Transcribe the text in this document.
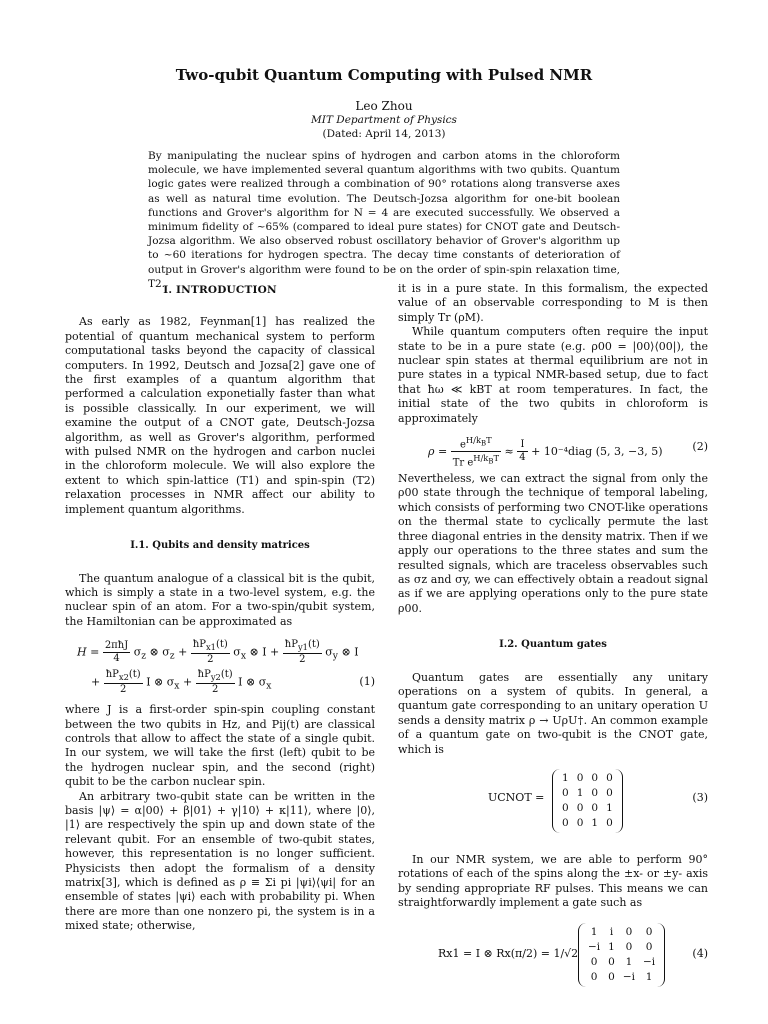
Two-qubit Quantum Computing with Pulsed NMR
Leo Zhou
MIT Department of Physics
(Dated: April 14, 2013)
By manipulating the nuclear spins of hydrogen and carbon atoms in the chloroform molecule, we have implemented several quantum algorithms with two qubits. Quantum logic gates were realized through a combination of 90° rotations along transverse axes as well as natural time evolution. The Deutsch-Jozsa algorithm for one-bit boolean functions and Grover's algorithm for N = 4 are executed successfully. We observed a minimum fidelity of ~65% (compared to ideal pure states) for CNOT gate and Deutsch-Jozsa algorithm. We also observed robust oscillatory behavior of Grover's algorithm up to ~60 iterations for hydrogen spectra. The decay time constants of deterioration of output in Grover's algorithm were found to be on the order of spin-spin relaxation time, T2.
I. INTRODUCTION

As early as 1982, Feynman[1] has realized the potential of quantum mechanical system to perform computational tasks beyond the capacity of classical computers. In 1992, Deutsch and Jozsa[2] gave one of the first examples of a quantum algorithm that performed a calculation exponetially faster than what is possible classically. In our experiment, we will examine the output of a CNOT gate, Deutsch-Jozsa algorithm, as well as Grover's algorithm, performed with pulsed NMR on the hydrogen and carbon nuclei in the chloroform molecule. We will also explore the extent to which spin-lattice (T1) and spin-spin (T2) relaxation processes in NMR affect our ability to implement quantum algorithms.

I.1. Qubits and density matrices

The quantum analogue of a classical bit is the qubit, which is simply a state in a two-level system, e.g. the nuclear spin of an atom. For a two-spin/qubit system, the Hamiltonian can be approximated as

$H = \frac{\text{2πħJ}}{4} \sigma_z$ ⊗ $\sigma_z + \frac{ħP_{x1}(t)}{2} \sigma_x$ ⊗ $I + \frac{ħP_{y1}(t)}{2} \sigma_y$ ⊗ I
+ $\frac{ħP_{x2}(t)}{2}$ I ⊗ $\sigma_x + \frac{ħP_{y2}(t)}{2}$ I ⊗ $\sigma_x$	(1)

where J is a first-order spin-spin coupling constant between the two qubits in Hz, and Pij(t) are classical controls that allow to affect the state of a single qubit. In our system, we will take the first (left) qubit to be the hydrogen nuclear spin, and the second (right) qubit to be the carbon nuclear spin.

An arbitrary two-qubit state can be written in the basis |ψ⟩ = α|00⟩ + β|01⟩ + γ|10⟩ + κ|11⟩, where |0⟩, |1⟩ are respectively the spin up and down state of the relevant qubit. For an ensemble of two-qubit states, however, this representation is no longer sufficient. Physicists then adopt the formalism of a density matrix[3], which is defined as ρ ≡ Σi pi |ψi⟩⟨ψi| for an ensemble of states |ψi⟩ each with probability pi. When there are more than one nonzero pi, the system is in a mixed state; otherwise,

it is in a pure state. In this formalism, the expected value of an observable corresponding to M is then simply Tr (ρM).

While quantum computers often require the input state to be in a pure state (e.g. ρ00 = |00⟩⟨00|), the nuclear spin states at thermal equilibrium are not in pure states in a typical NMR-based setup, due to fact that ħω ≪ kBT at room temperatures. In fact, the initial state of the two qubits in chloroform is approximately

$\rho = \frac{e^{H/k_BT}}{Tr e^{H/k_BT}} \approx \frac{I}{4}$ + 10⁻⁴diag (5, 3, −3, 5)	(2)

Nevertheless, we can extract the signal from only the ρ00 state through the technique of temporal labeling, which consists of performing two CNOT-like operations on the thermal state to cyclically permute the last three diagonal entries in the density matrix. Then if we apply our operations to the three states and sum the resulted signals, which are traceless observables such as σz and σy, we can effectively obtain a readout signal as if we are applying operations only to the pure state ρ00.

I.2. Quantum gates

Quantum gates are essentially any unitary operations on a system of qubits. In general, a quantum gate corresponding to an unitary operation U sends a density matrix ρ → UρU†. An common example of a quantum gate on two-qubit is the CNOT gate, which is

UCNOT =
1	0	0	0
0	1	0	0
0	0	0	1
0	0	1	0
(3)

In our NMR system, we are able to perform 90° rotations of each of the spins along the ±x- or ±y- axis by sending appropriate RF pulses. This means we can straightforwardly implement a gate such as

Rx1 = I ⊗ Rx(π/2) = 1/√2
1	i	0	0
−i	1	0	0
0	0	1	−i
0	0	−i	1
(4)
